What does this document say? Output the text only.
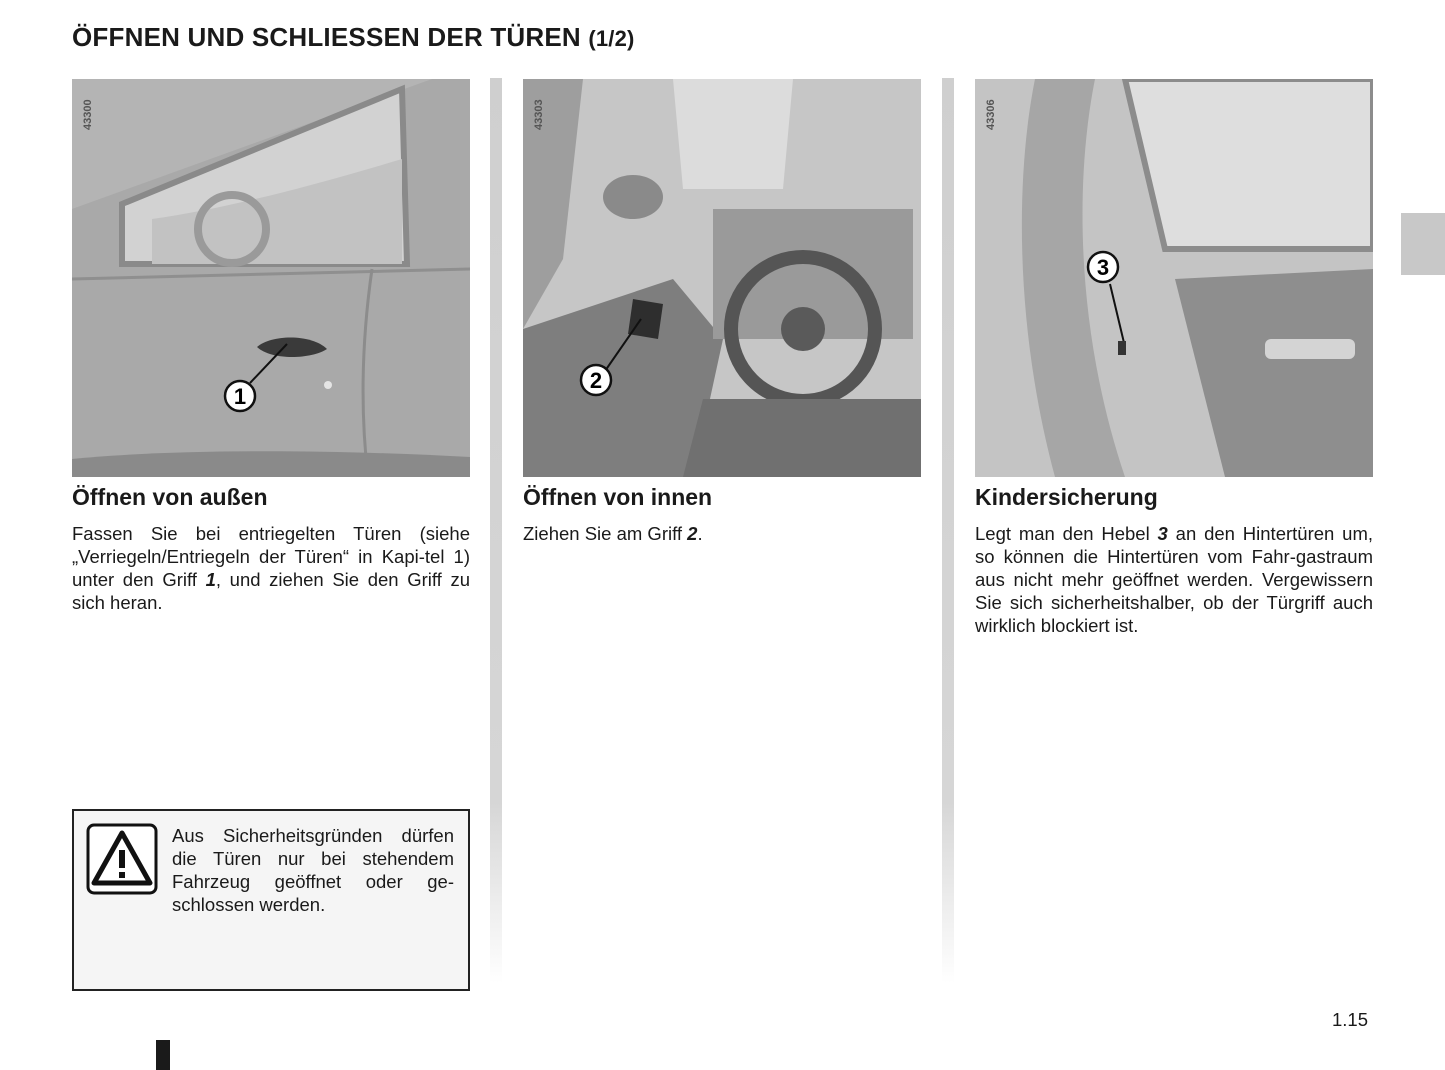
ÖFFNEN UND SCHLIESSEN DER TÜREN (1/2)
1
43300
2
43303
3
43306
Öffnen von außen	Öffnen von innen	Kindersicherung

Fassen Sie bei entriegelten Türen (siehe „Verriegeln/Entriegeln der Türen“ in Kapi-tel 1) unter den Griff 1, und ziehen Sie den Griff zu sich heran.

Ziehen Sie am Griff 2.	Legt man den Hebel 3 an den Hintertüren um, so können die Hintertüren vom Fahr-gastraum aus nicht mehr geöffnet werden. Vergewissern Sie sich sicherheitshalber, ob der Türgriff auch wirklich blockiert ist.

Aus Sicherheitsgründen dürfen die Türen nur bei stehendem Fahrzeug geöffnet oder ge-schlossen werden.
1.15
